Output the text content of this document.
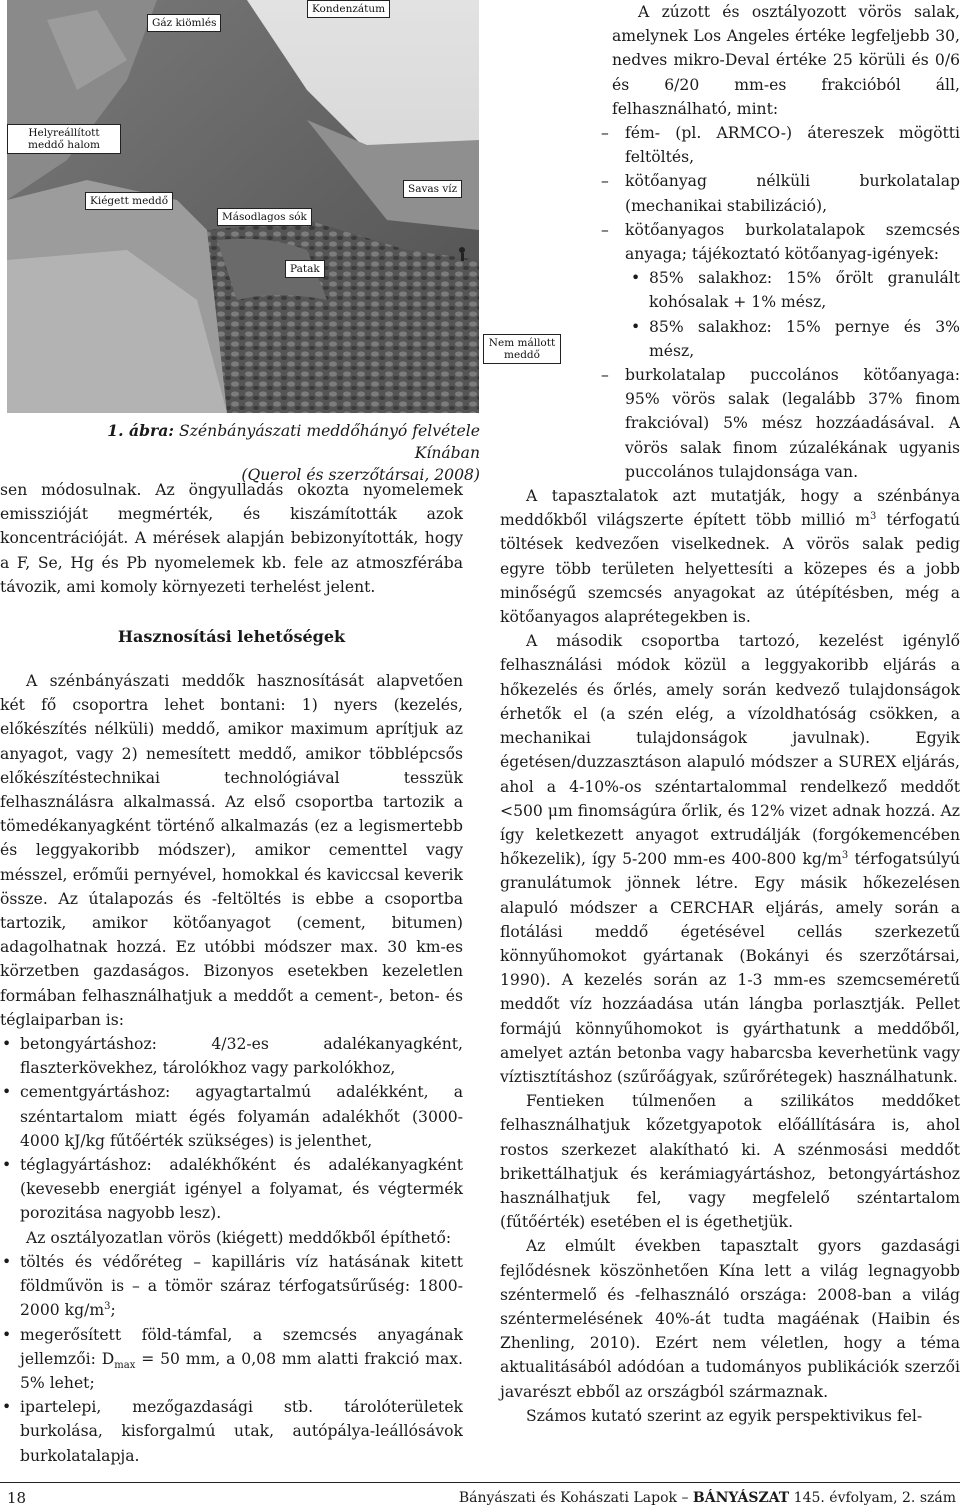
Gáz kiömlés
Kondenzátum
Helyreállított meddő halom
Kiégett meddő
Másodlagos sók
Savas víz
Patak
Nem mállott meddő
1. ábra: Szénbányászati meddőhányó felvétele Kínában
(Querol és szerzőtársai, 2008)

sen módosulnak. Az öngyulladás okozta nyomelemek emisszióját megmérték, és kiszámították azok koncentrációját. A mérések alapján bebizonyították, hogy a F, Se, Hg és Pb nyomelemek kb. fele az atmoszférába távozik, ami komoly környezeti terhelést jelent.

Hasznosítási lehetőségek

A szénbányászati meddők hasznosítását alapvetően két fő csoportra lehet bontani: 1) nyers (kezelés, előkészítés nélküli) meddő, amikor maximum aprítjuk az anyagot, vagy 2) nemesített meddő, amikor többlépcsős előkészítéstechnikai technológiával tesszük felhasználásra alkalmassá. Az első csoportba tartozik a tömedékanyagként történő alkalmazás (ez a legismertebb és leggyakoribb módszer), amikor cementtel vagy mésszel, erőműi pernyével, homokkal és kaviccsal keverik össze. Az útalapozás és -feltöltés is ebbe a csoportba tartozik, amikor kötőanyagot (cement, bitumen) adagolhatnak hozzá. Ez utóbbi módszer max. 30 km-es körzetben gazdaságos. Bizonyos esetekben kezeletlen formában felhasználhatjuk a meddőt a cement-, beton- és téglaiparban is:

• betongyártáshoz: 4/32-es adalékanyagként, flaszterkövekhez, tárolókhoz vagy parkolókhoz,
• cementgyártáshoz: agyagtartalmú adalékként, a széntartalom miatt égés folyamán adalékhőt (3000-4000 kJ/kg fűtőérték szükséges) is jelenthet,
• téglagyártáshoz: adalékhőként és adalékanyagként (kevesebb energiát igényel a folyamat, és végtermék porozitása nagyobb lesz).

Az osztályozatlan vörös (kiégett) meddőkből építhető:

• töltés és védőréteg – kapilláris víz hatásának kitett földművön is – a tömör száraz térfogatsűrűség: 1800-2000 $kg/m^3$;
• megerősített föld-támfal, a szemcsés anyagának jellemzői: $D_{max} = 50$ mm, a 0,08 mm alatti frakció max. 5% lehet;
• ipartelepi, mezőgazdasági stb. tárolóterületek burkolása, kisforgalmú utak, autópálya-leállósávok burkolatalapja.

A zúzott és osztályozott vörös salak, amelynek Los Angeles értéke legfeljebb 30, nedves mikro-Deval értéke 25 körüli és 0/6 és 6/20 mm-es frakcióból áll, felhasználható, mint:

– fém- (pl. ARMCO-) átereszek mögötti feltöltés,
– kötőanyag nélküli burkolatalap (mechanikai stabilizáció),
– kötőanyagos burkolatalapok szemcsés anyaga; tájékoztató kötőanyag-igények:
• 85% salakhoz: 15% őrölt granulált kohósalak + 1% mész,
• 85% salakhoz: 15% pernye és 3% mész,
– burkolatalap puccolános kötőanyaga: 95% vörös salak (legalább 37% finom frakcióval) 5% mész hozzáadásával. A vörös salak finom zúzalékának ugyanis puccolános tulajdonsága van.

A tapasztalatok azt mutatják, hogy a szénbánya meddőkből világszerte épített több millió $m^3$ térfogatú töltések kedvezően viselkednek. A vörös salak pedig egyre több területen helyettesíti a közepes és a jobb minőségű szemcsés anyagokat az útépítésben, még a kötőanyagos alaprétegekben is.

A második csoportba tartozó, kezelést igénylő felhasználási módok közül a leggyakoribb eljárás a hőkezelés és őrlés, amely során kedvező tulajdonságok érhetők el (a szén elég, a vízoldhatóság csökken, a mechanikai tulajdonságok javulnak). Egyik égetésen/duzzasztáson alapuló módszer a SUREX eljárás, ahol a 4-10%-os széntartalommal rendelkező meddőt <500 μm finomságúra őrlik, és 12% vizet adnak hozzá. Az így keletkezett anyagot extrudálják (forgókemencében hőkezelik), így 5-200 mm-es 400-800 $kg/m^3$ térfogatsúlyú granulátumok jönnek létre. Egy másik hőkezelésen alapuló módszer a CERCHAR eljárás, amely során a flotálási meddő égetésével cellás szerkezetű könnyűhomokot gyártanak (Bokányi és szerzőtársai, 1990). A kezelés során az 1-3 mm-es szemcseméretű meddőt víz hozzáadása után lángba porlasztják. Pellet formájú könnyűhomokot is gyárthatunk a meddőből, amelyet aztán betonba vagy habarcsba keverhetünk vagy víztisztításhoz (szűrőágyak, szűrőrétegek) használhatunk.

Fentieken túlmenően a szilikátos meddőket felhasználhatjuk kőzetgyapotok előállítására is, ahol rostos szerkezet alakítható ki. A szénmosási meddőt brikettálhatjuk és kerámiagyártáshoz, betongyártáshoz használhatjuk fel, vagy megfelelő széntartalom (fűtőérték) esetében el is égethetjük.

Az elmúlt években tapasztalt gyors gazdasági fejlődésnek köszönhetően Kína lett a világ legnagyobb széntermelő és -felhasználó országa: 2008-ban a világ széntermelésének 40%-át tudta magáénak (Haibin és Zhenling, 2010). Ezért nem véletlen, hogy a téma aktualitásából adódóan a tudományos publikációk szerzői javarészt ebből az országból származnak.

Számos kutató szerint az egyik perspektivikus fel-

18	Bányászati és Kohászati Lapok – BÁNYÁSZAT 145. évfolyam, 2. szám
